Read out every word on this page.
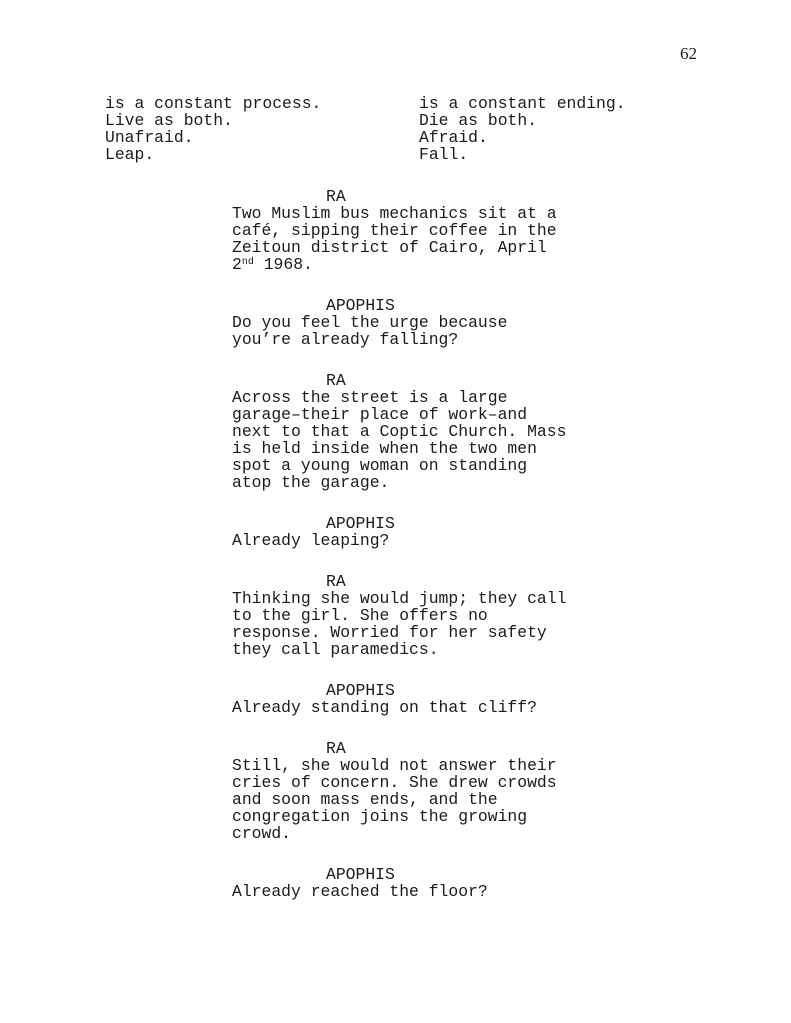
62
is a constant process.
Live as both.
Unafraid.
Leap.
is a constant ending.
Die as both.
Afraid.
Fall.
RA
Two Muslim bus mechanics sit at a
café, sipping their coffee in the
Zeitoun district of Cairo, April
2nd 1968.
APOPHIS
Do you feel the urge because
you’re already falling?
RA
Across the street is a large
garage–their place of work–and
next to that a Coptic Church. Mass
is held inside when the two men
spot a young woman on standing
atop the garage.
APOPHIS
Already leaping?
RA
Thinking she would jump; they call
to the girl. She offers no
response. Worried for her safety
they call paramedics.
APOPHIS
Already standing on that cliff?
RA
Still, she would not answer their
cries of concern. She drew crowds
and soon mass ends, and the
congregation joins the growing
crowd.
APOPHIS
Already reached the floor?
